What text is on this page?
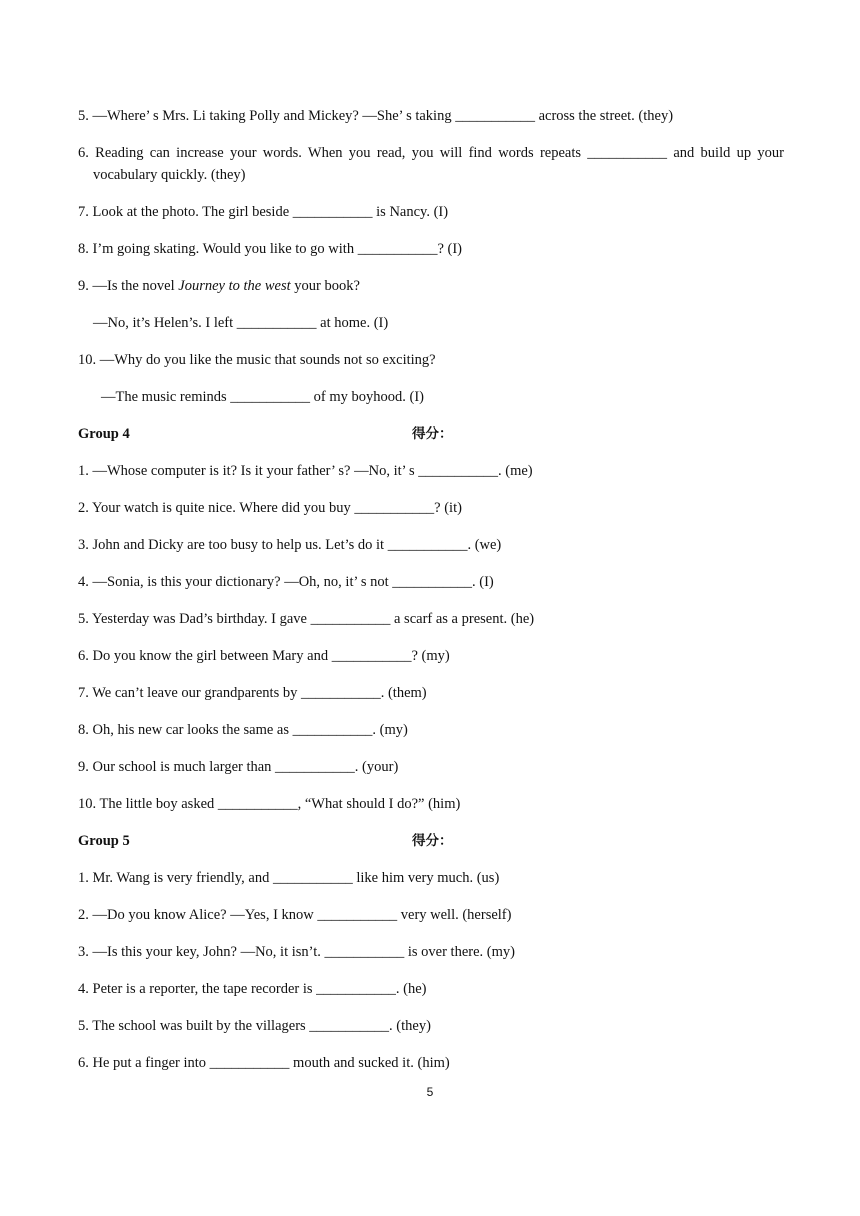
5. —Where’ s Mrs. Li taking Polly and Mickey? —She’ s taking ___________ across the street. (they)
6. Reading can increase your words. When you read, you will find words repeats ___________ and build up your
vocabulary quickly. (they)
7. Look at the photo. The girl beside ___________ is Nancy. (I)
8. I’m going skating. Would you like to go with ___________? (I)
9. —Is the novel Journey to the west your book?
—No, it’s Helen’s. I left ___________ at home. (I)
10. —Why do you like the music that sounds not so exciting?
—The music reminds ___________ of my boyhood. (I)
Group 4	得分：
1. —Whose computer is it? Is it your father’ s? —No, it’ s ___________. (me)
2. Your watch is quite nice. Where did you buy ___________? (it)
3. John and Dicky are too busy to help us. Let’s do it ___________. (we)
4. —Sonia, is this your dictionary? —Oh, no, it’ s not ___________. (I)
5. Yesterday was Dad’s birthday. I gave ___________ a scarf as a present. (he)
6. Do you know the girl between Mary and ___________? (my)
7. We can’t leave our grandparents by ___________. (them)
8. Oh, his new car looks the same as ___________. (my)
9. Our school is much larger than ___________. (your)
10. The little boy asked ___________, “What should I do?” (him)
Group 5	得分：
1. Mr. Wang is very friendly, and ___________ like him very much. (us)
2. —Do you know Alice? —Yes, I know ___________ very well. (herself)
3. —Is this your key, John? —No, it isn’t. ___________ is over there. (my)
4. Peter is a reporter, the tape recorder is ___________. (he)
5. The school was built by the villagers ___________. (they)
6. He put a finger into ___________ mouth and sucked it. (him)
5
